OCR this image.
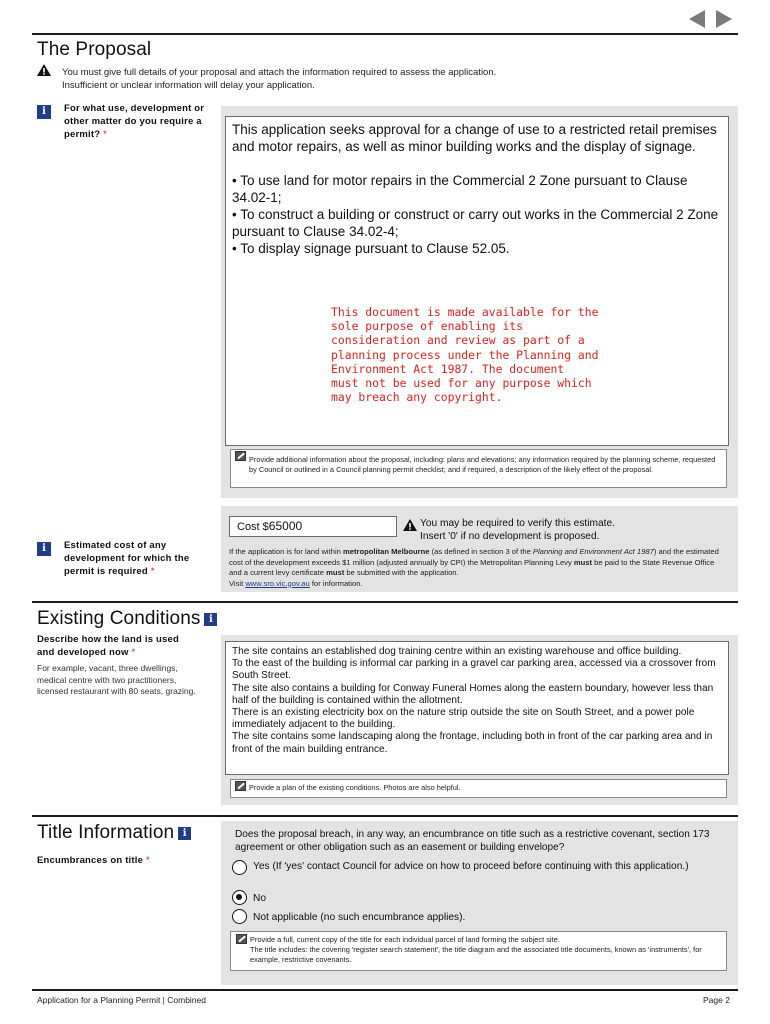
The Proposal
You must give full details of your proposal and attach the information required to assess the application.
Insufficient or unclear information will delay your application.
i	For what use, development or other matter do you require a permit? *	This application seeks approval for a change of use to a restricted retail premises and motor repairs, as well as minor building works and the display of signage.
• To use land for motor repairs in the Commercial 2 Zone pursuant to Clause 34.02-1;
• To construct a building or construct or carry out works in the Commercial 2 Zone pursuant to Clause 34.02-4;
• To display signage pursuant to Clause 52.05.
This document is made available for the
sole purpose of enabling its
consideration and review as part of a
planning process under the Planning and
Environment Act 1987. The document
must not be used for any purpose which
may breach any copyright.
Provide additional information about the proposal, including: plans and elevations; any information required by the planning scheme, requested by Council or outlined in a Council planning permit checklist; and if required, a description of the likely effect of the proposal.
Cost $65000	You may be required to verify this estimate.
Insert '0' if no development is proposed.
If the application is for land within metropolitan Melbourne (as defined in section 3 of the Planning and Environment Act 1987) and the estimated cost of the development exceeds $1 million (adjusted annually by CPI) the Metropolitan Planning Levy must be paid to the State Revenue Office and a current levy certificate must be submitted with the application.
Visit www.sro.vic.gov.au for information.
i	Estimated cost of any development for which the permit is required *
Existing Conditions i
Describe how the land is used and developed now *
For example, vacant, three dwellings, medical centre with two practitioners, licensed restaurant with 80 seats, grazing.
The site contains an established dog training centre within an existing warehouse and office building.
To the east of the building is informal car parking in a gravel car parking area, accessed via a crossover from South Street.
The site also contains a building for Conway Funeral Homes along the eastern boundary, however less than half of the building is contained within the allotment.
There is an existing electricity box on the nature strip outside the site on South Street, and a power pole immediately adjacent to the building.
The site contains some landscaping along the frontage, including both in front of the car parking area and in front of the main building entrance.
Provide a plan of the existing conditions. Photos are also helpful.
Title Information i
Encumbrances on title *
Does the proposal breach, in any way, an encumbrance on title such as a restrictive covenant, section 173 agreement or other obligation such as an easement or building envelope?
Yes (If 'yes' contact Council for advice on how to proceed before continuing with this application.)
No
Not applicable (no such encumbrance applies).
Provide a full, current copy of the title for each individual parcel of land forming the subject site.
The title includes: the covering 'register search statement', the title diagram and the associated title documents, known as 'instruments', for example, restrictive covenants.
Application for a Planning Permit | Combined	Page 2
